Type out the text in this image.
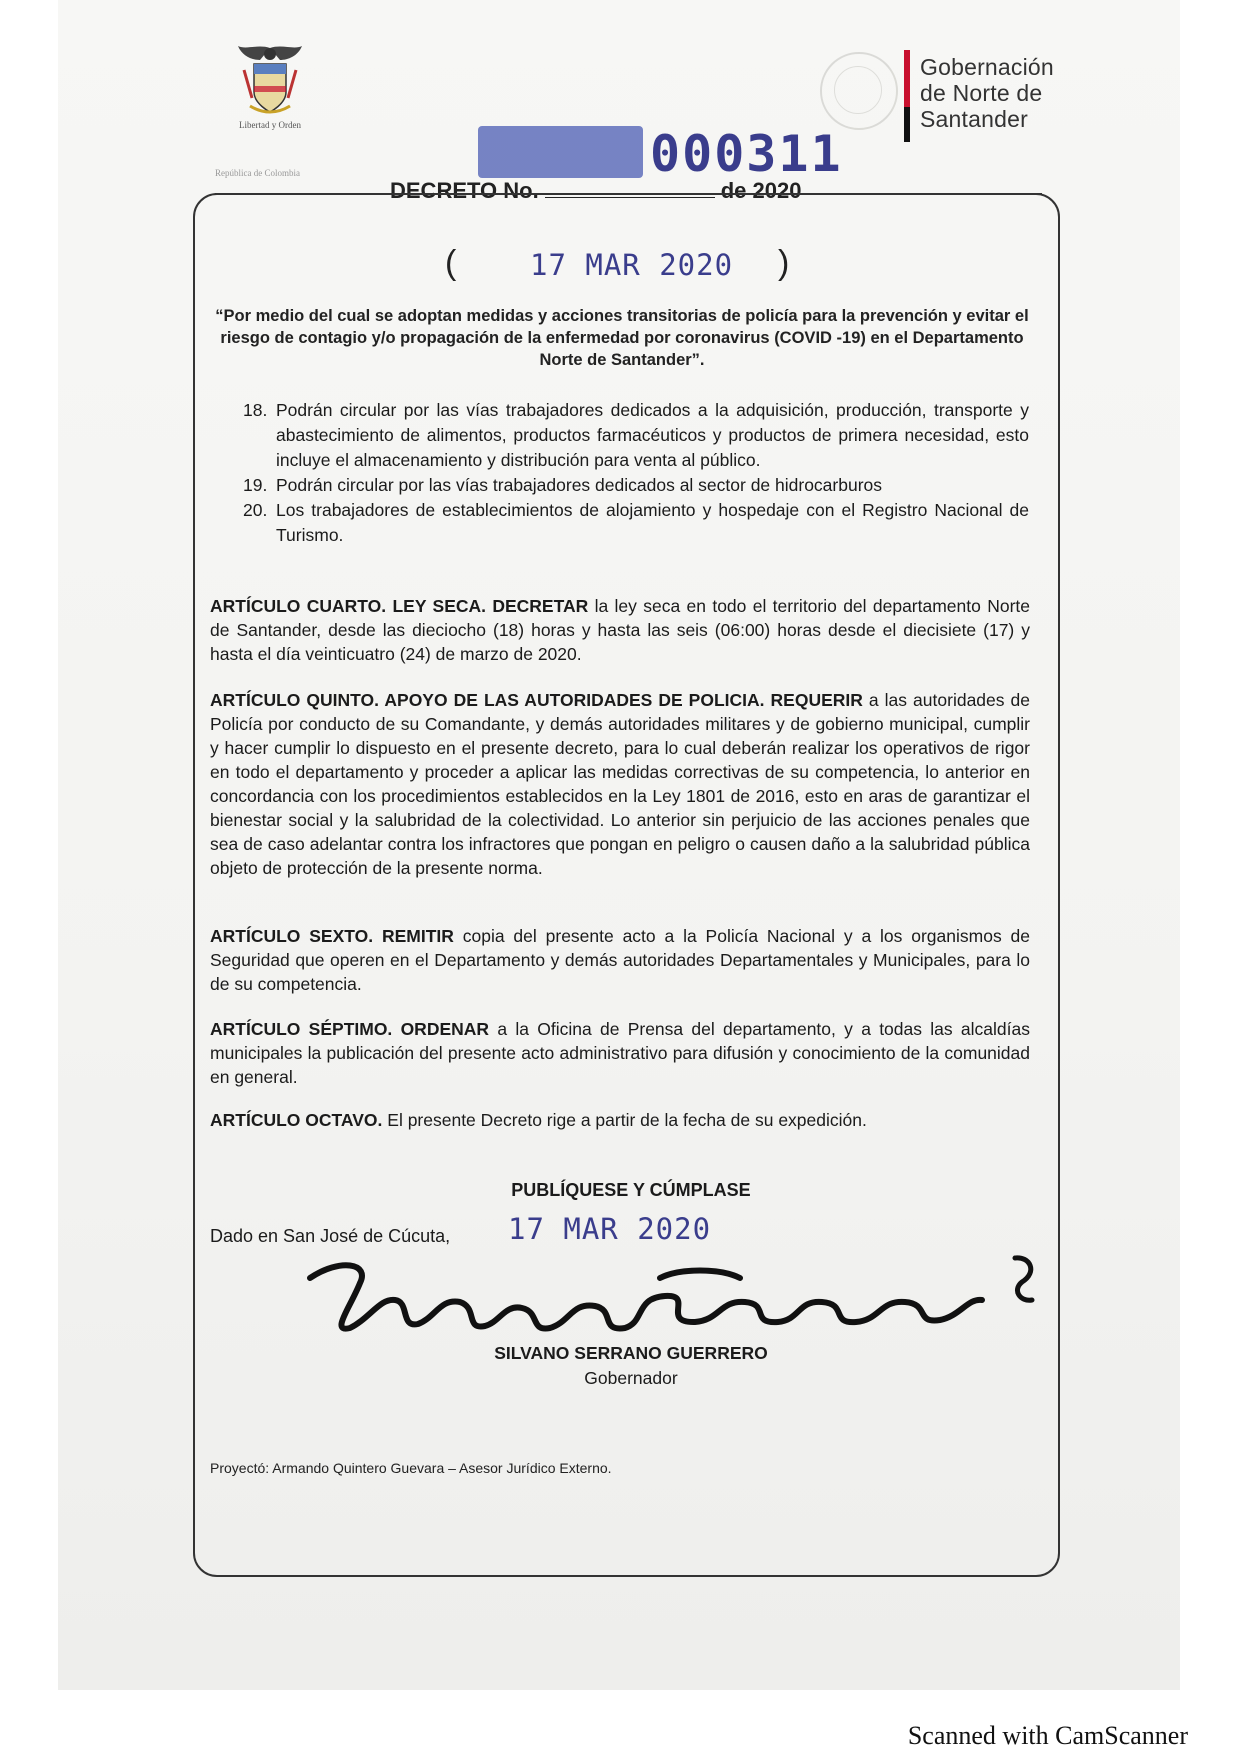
Libertad y Orden
República de Colombia
Gobernación
de Norte de
Santander
000311
DECRETO No.	de 2020
(	17 MAR 2020 )
“Por medio del cual se adoptan medidas y acciones transitorias de policía para la prevención y evitar el riesgo de contagio y/o propagación de la enfermedad por coronavirus (COVID -19) en el Departamento Norte de Santander”.
18. Podrán circular por las vías trabajadores dedicados a la adquisición, producción, transporte y abastecimiento de alimentos, productos farmacéuticos y productos de primera necesidad, esto incluye el almacenamiento y distribución para venta al público.
19. Podrán circular por las vías trabajadores dedicados al sector de hidrocarburos
20. Los trabajadores de establecimientos de alojamiento y hospedaje con el Registro Nacional de Turismo.
ARTÍCULO CUARTO. LEY SECA. DECRETAR la ley seca en todo el territorio del departamento Norte de Santander, desde las dieciocho (18) horas y hasta las seis (06:00) horas desde el diecisiete (17) y hasta el día veinticuatro (24) de marzo de 2020.
ARTÍCULO QUINTO. APOYO DE LAS AUTORIDADES DE POLICIA. REQUERIR a las autoridades de Policía por conducto de su Comandante, y demás autoridades militares y de gobierno municipal, cumplir y hacer cumplir lo dispuesto en el presente decreto, para lo cual deberán realizar los operativos de rigor en todo el departamento y proceder a aplicar las medidas correctivas de su competencia, lo anterior en concordancia con los procedimientos establecidos en la Ley 1801 de 2016, esto en aras de garantizar el bienestar social y la salubridad de la colectividad. Lo anterior sin perjuicio de las acciones penales que sea de caso adelantar contra los infractores que pongan en peligro o causen daño a la salubridad pública objeto de protección de la presente norma.
ARTÍCULO SEXTO. REMITIR copia del presente acto a la Policía Nacional y a los organismos de Seguridad que operen en el Departamento y demás autoridades Departamentales y Municipales, para lo de su competencia.
ARTÍCULO SÉPTIMO. ORDENAR a la Oficina de Prensa del departamento, y a todas las alcaldías municipales la publicación del presente acto administrativo para difusión y conocimiento de la comunidad en general.
ARTÍCULO OCTAVO. El presente Decreto rige a partir de la fecha de su expedición.
PUBLÍQUESE Y CÚMPLASE
Dado en San José de Cúcuta, 17 MAR 2020
SILVANO SERRANO GUERRERO
Gobernador
Proyectó: Armando Quintero Guevara – Asesor Jurídico Externo.
Scanned with CamScanner
